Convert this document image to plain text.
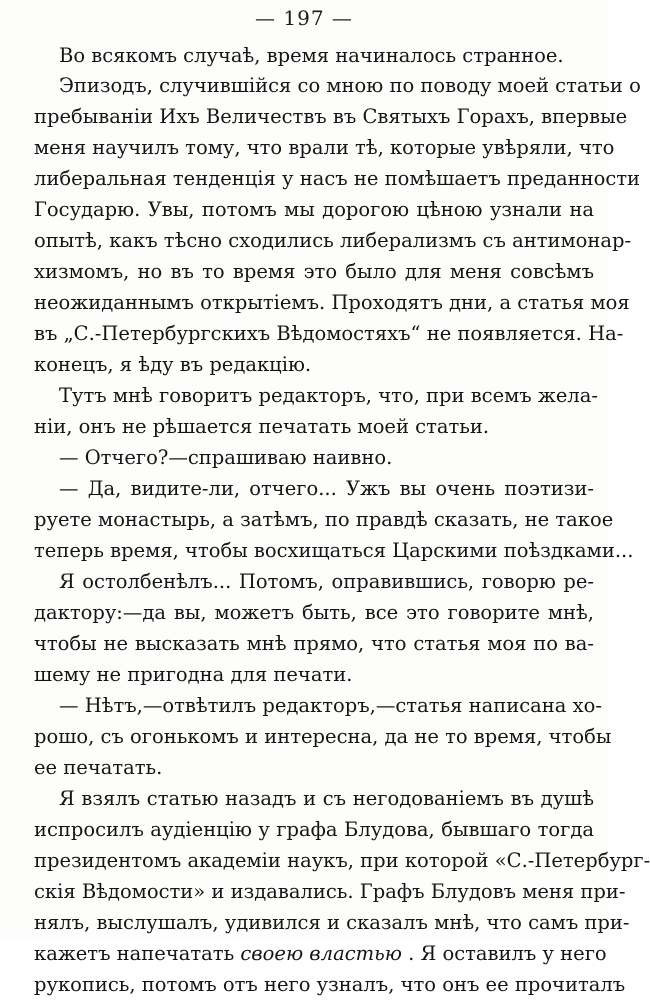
— 197 —
Во всякомъ случаѣ, время начиналось странное.
Эпизодъ, случившійся со мною по поводу моей статьи о
пребываніи Ихъ Величествъ въ Святыхъ Горахъ, впервые
меня научилъ тому, что врали тѣ, которые увѣряли, что
либеральная тенденція у насъ не помѣшаетъ преданности
Государю. Увы, потомъ мы дорогою цѣною узнали на
опытѣ, какъ тѣсно сходились либерализмъ съ антимонар-
хизмомъ, но въ то время это было для меня совсѣмъ
неожиданнымъ открытіемъ. Проходятъ дни, а статья моя
въ „С.-Петербургскихъ Вѣдомостяхъ“ не появляется. На-
конецъ, я ѣду въ редакцію.
Тутъ мнѣ говоритъ редакторъ, что, при всемъ жела-
ніи, онъ не рѣшается печатать моей статьи.
— Отчего?—спрашиваю наивно.
— Да, видите-ли, отчего... Ужъ вы очень поэтизи-
руете монастырь, а затѣмъ, по правдѣ сказать, не такое
теперь время, чтобы восхищаться Царскими поѣздками...
Я остолбенѣлъ... Потомъ, оправившись, говорю ре-
дактору:—да вы, можетъ быть, все это говорите мнѣ,
чтобы не высказать мнѣ прямо, что статья моя по ва-
шему не пригодна для печати.
— Нѣтъ,—отвѣтилъ редакторъ,—статья написана хо-
рошо, съ огонькомъ и интересна, да не то время, чтобы
ее печатать.
Я взялъ статью назадъ и съ негодованіемъ въ душѣ
испросилъ аудіенцію у графа Блудова, бывшаго тогда
президентомъ академіи наукъ, при которой «С.-Петербург-
скія Вѣдомости» и издавались. Графъ Блудовъ меня при-
нялъ, выслушалъ, удивился и сказалъ мнѣ, что самъ при-
кажетъ напечатать своею властью . Я оставилъ у него
рукопись, потомъ отъ него узналъ, что онъ ее прочиталъ
